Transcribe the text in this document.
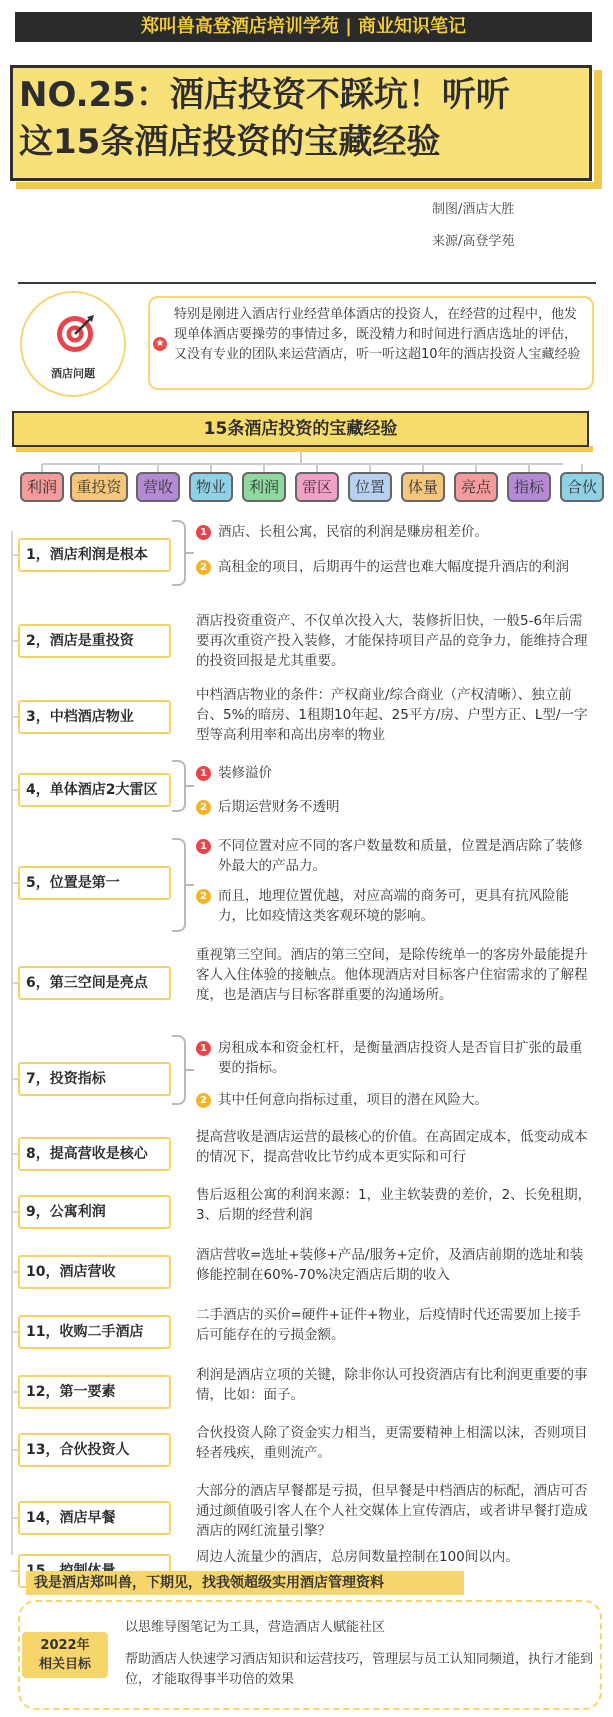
郑叫兽高登酒店培训学苑 | 商业知识笔记
NO.25：酒店投资不踩坑！听听
这15条酒店投资的宝藏经验
制图/酒店大胜
来源/高登学苑
酒店问题
特别是刚进入酒店行业经营单体酒店的投资人，在经营的过程中，他发现单体酒店要操劳的事情过多，既没精力和时间进行酒店选址的评估，又没有专业的团队来运营酒店，听一听这超10年的酒店投资人宝藏经验
★
15条酒店投资的宝藏经验
利润	重投资	营收	物业	利润	雷区	位置	体量	亮点	指标	合伙
1，酒店利润是根本
1 酒店、长租公寓，民宿的利润是赚房租差价。
2 高租金的项目，后期再牛的运营也难大幅度提升酒店的利润
2，酒店是重投资
酒店投资重资产、不仅单次投入大，装修折旧快，一般5-6年后需要再次重资产投入装修，才能保持项目产品的竞争力，能维持合理的投资回报是尤其重要。
3，中档酒店物业
中档酒店物业的条件：产权商业/综合商业（产权清晰）、独立前台、5%的暗房、1租期10年起、25平方/房、户型方正、L型/一字型等高利用率和高出房率的物业
4，单体酒店2大雷区
1 装修溢价
2 后期运营财务不透明
5，位置是第一
1 不同位置对应不同的客户数量数和质量，位置是酒店除了装修外最大的产品力。
2 而且，地理位置优越，对应高端的商务可，更具有抗风险能力，比如疫情这类客观环境的影响。
6，第三空间是亮点
重视第三空间。酒店的第三空间，是除传统单一的客房外最能提升客人入住体验的接触点。他体现酒店对目标客户住宿需求的了解程度，也是酒店与目标客群重要的沟通场所。
7，投资指标
1 房租成本和资金杠杆，是衡量酒店投资人是否盲目扩张的最重要的指标。
2 其中任何意向指标过重，项目的潜在风险大。
8，提高营收是核心
提高营收是酒店运营的最核心的价值。在高固定成本，低变动成本的情况下，提高营收比节约成本更实际和可行
9，公寓利润
售后返租公寓的利润来源：1，业主软装费的差价，2、长免租期，3、后期的经营利润
10，酒店营收
酒店营收=选址+装修+产品/服务+定价，及酒店前期的选址和装修能控制在60%-70%决定酒店后期的收入
11，收购二手酒店
二手酒店的买价=硬件+证件+物业，后疫情时代还需要加上接手后可能存在的亏损金额。
12，第一要素
利润是酒店立项的关键，除非你认可投资酒店有比利润更重要的事情，比如：面子。
13，合伙投资人
合伙投资人除了资金实力相当，更需要精神上相濡以沫，否则项目轻者残疾，重则流产。
14，酒店早餐
大部分的酒店早餐都是亏损，但早餐是中档酒店的标配，酒店可否通过颜值吸引客人在个人社交媒体上宣传酒店，或者讲早餐打造成酒店的网红流量引擎？
周边人流量少的酒店，总房间数量控制在100间以内。
我是酒店郑叫兽，下期见，找我领超级实用酒店管理资料
2022年
相关目标
以思维导图笔记为工具，营造酒店人赋能社区
帮助酒店人快速学习酒店知识和运营技巧，管理层与员工认知同频道，执行才能到位，才能取得事半功倍的效果
